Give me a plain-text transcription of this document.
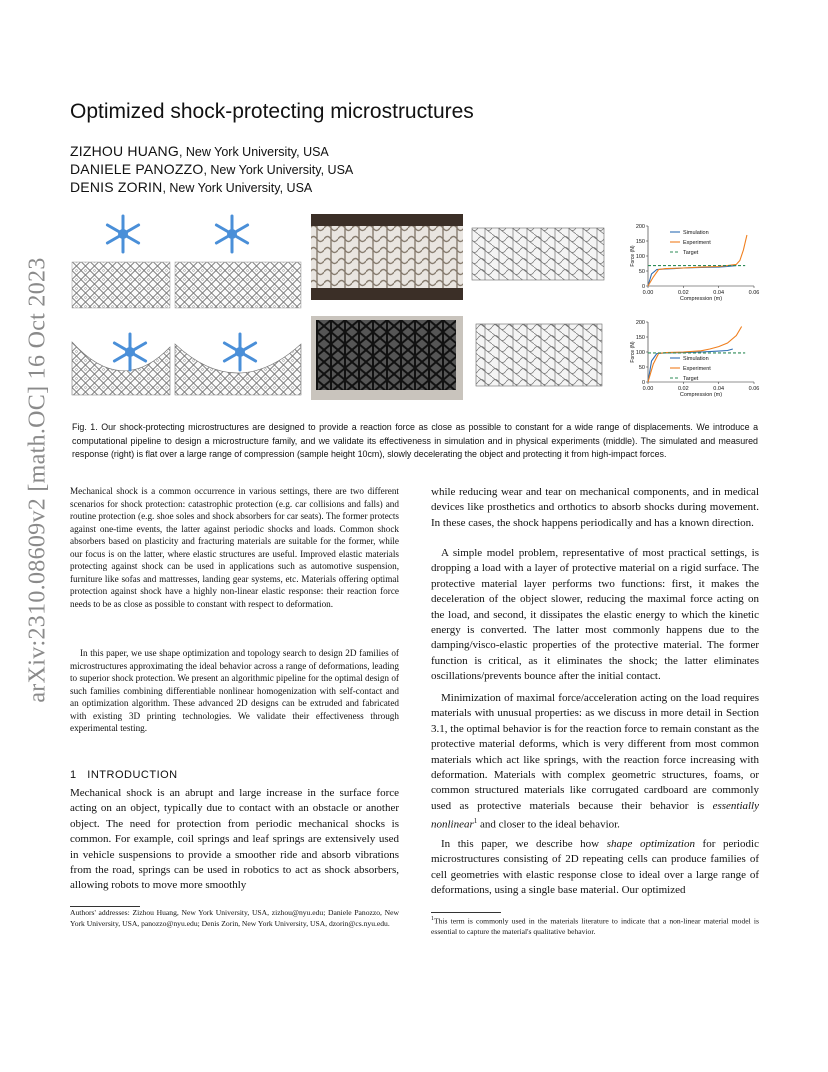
arXiv:2310.08609v2 [math.OC] 16 Oct 2023
Optimized shock-protecting microstructures
ZIZHOU HUANG, New York University, USA
DANIELE PANOZZO, New York University, USA
DENIS ZORIN, New York University, USA
0
50
100
150
200
0.00	0.02	0.04	0.06
Compression (m)
Force (N)
Simulation
Experiment
Target
0
50
100
150
200
0.00	0.02	0.04	0.06
Compression (m)
Force (N)	Simulation
Experiment
Target
Fig. 1. Our shock-protecting microstructures are designed to provide a reaction force as close as possible to constant for a wide range of displacements. We introduce a computational pipeline to design a microstructure family, and we validate its effectiveness in simulation and in physical experiments (middle). The simulated and measured response (right) is flat over a large range of compression (sample height 10cm), slowly decelerating the object and protecting it from high-impact forces.
Mechanical shock is a common occurrence in various settings, there are two different scenarios for shock protection: catastrophic protection (e.g. car collisions and falls) and routine protection (e.g. shoe soles and shock absorbers for car seats). The former protects against one-time events, the latter against periodic shocks and loads. Common shock absorbers based on plasticity and fracturing materials are suitable for the former, while our focus is on the latter, where elastic structures are useful. Improved elastic materials protecting against shock can be used in applications such as automotive suspension, furniture like sofas and mattresses, landing gear systems, etc. Materials offering optimal protection against shock have a highly non-linear elastic response: their reaction force needs to be as close as possible to constant with respect to deformation.
In this paper, we use shape optimization and topology search to design 2D families of microstructures approximating the ideal behavior across a range of deformations, leading to superior shock protection. We present an algorithmic pipeline for the optimal design of such families combining differentiable nonlinear homogenization with self-contact and an optimization algorithm. These advanced 2D designs can be extruded and fabricated with existing 3D printing technologies. We validate their effectiveness through experimental testing.
1 INTRODUCTION
Mechanical shock is an abrupt and large increase in the surface force acting on an object, typically due to contact with an obstacle or another object. The need for protection from periodic mechanical shocks is common. For example, coil springs and leaf springs are extensively used in vehicle suspensions to provide a smoother ride and absorb vibrations from the road, springs can be used in robotics to act as shock absorbers, allowing robots to move more smoothly
while reducing wear and tear on mechanical components, and in medical devices like prosthetics and orthotics to absorb shocks during movement. In these cases, the shock happens periodically and has a known direction.
A simple model problem, representative of most practical settings, is dropping a load with a layer of protective material on a rigid surface. The protective material layer performs two functions: first, it makes the deceleration of the object slower, reducing the maximal force acting on the load, and second, it dissipates the elastic energy to which the kinetic energy is converted. The latter most commonly happens due to the damping/visco-elastic properties of the protective material. The former function is critical, as it eliminates the shock; the latter eliminates oscillations/prevents bounce after the initial contact.
Minimization of maximal force/acceleration acting on the load requires materials with unusual properties: as we discuss in more detail in Section 3.1, the optimal behavior is for the reaction force to remain constant as the protective material deforms, which is very different from most common materials which act like springs, with the reaction force increasing with deformation. Materials with complex geometric structures, foams, or common structured materials like corrugated cardboard are commonly used as protective materials because their behavior is essentially nonlinear$^1$ and closer to the ideal behavior.
In this paper, we describe how shape optimization for periodic microstructures consisting of 2D repeating cells can produce families of cell geometries with elastic response close to ideal over a large range of deformations, using a single base material. Our optimized
Authors' addresses: Zizhou Huang, New York University, USA, zizhou@nyu.edu; Daniele Panozzo, New York University, USA, panozzo@nyu.edu; Denis Zorin, New York University, USA, dzorin@cs.nyu.edu.	$^1$This term is commonly used in the materials literature to indicate that a non-linear material model is essential to capture the material's qualitative behavior.
